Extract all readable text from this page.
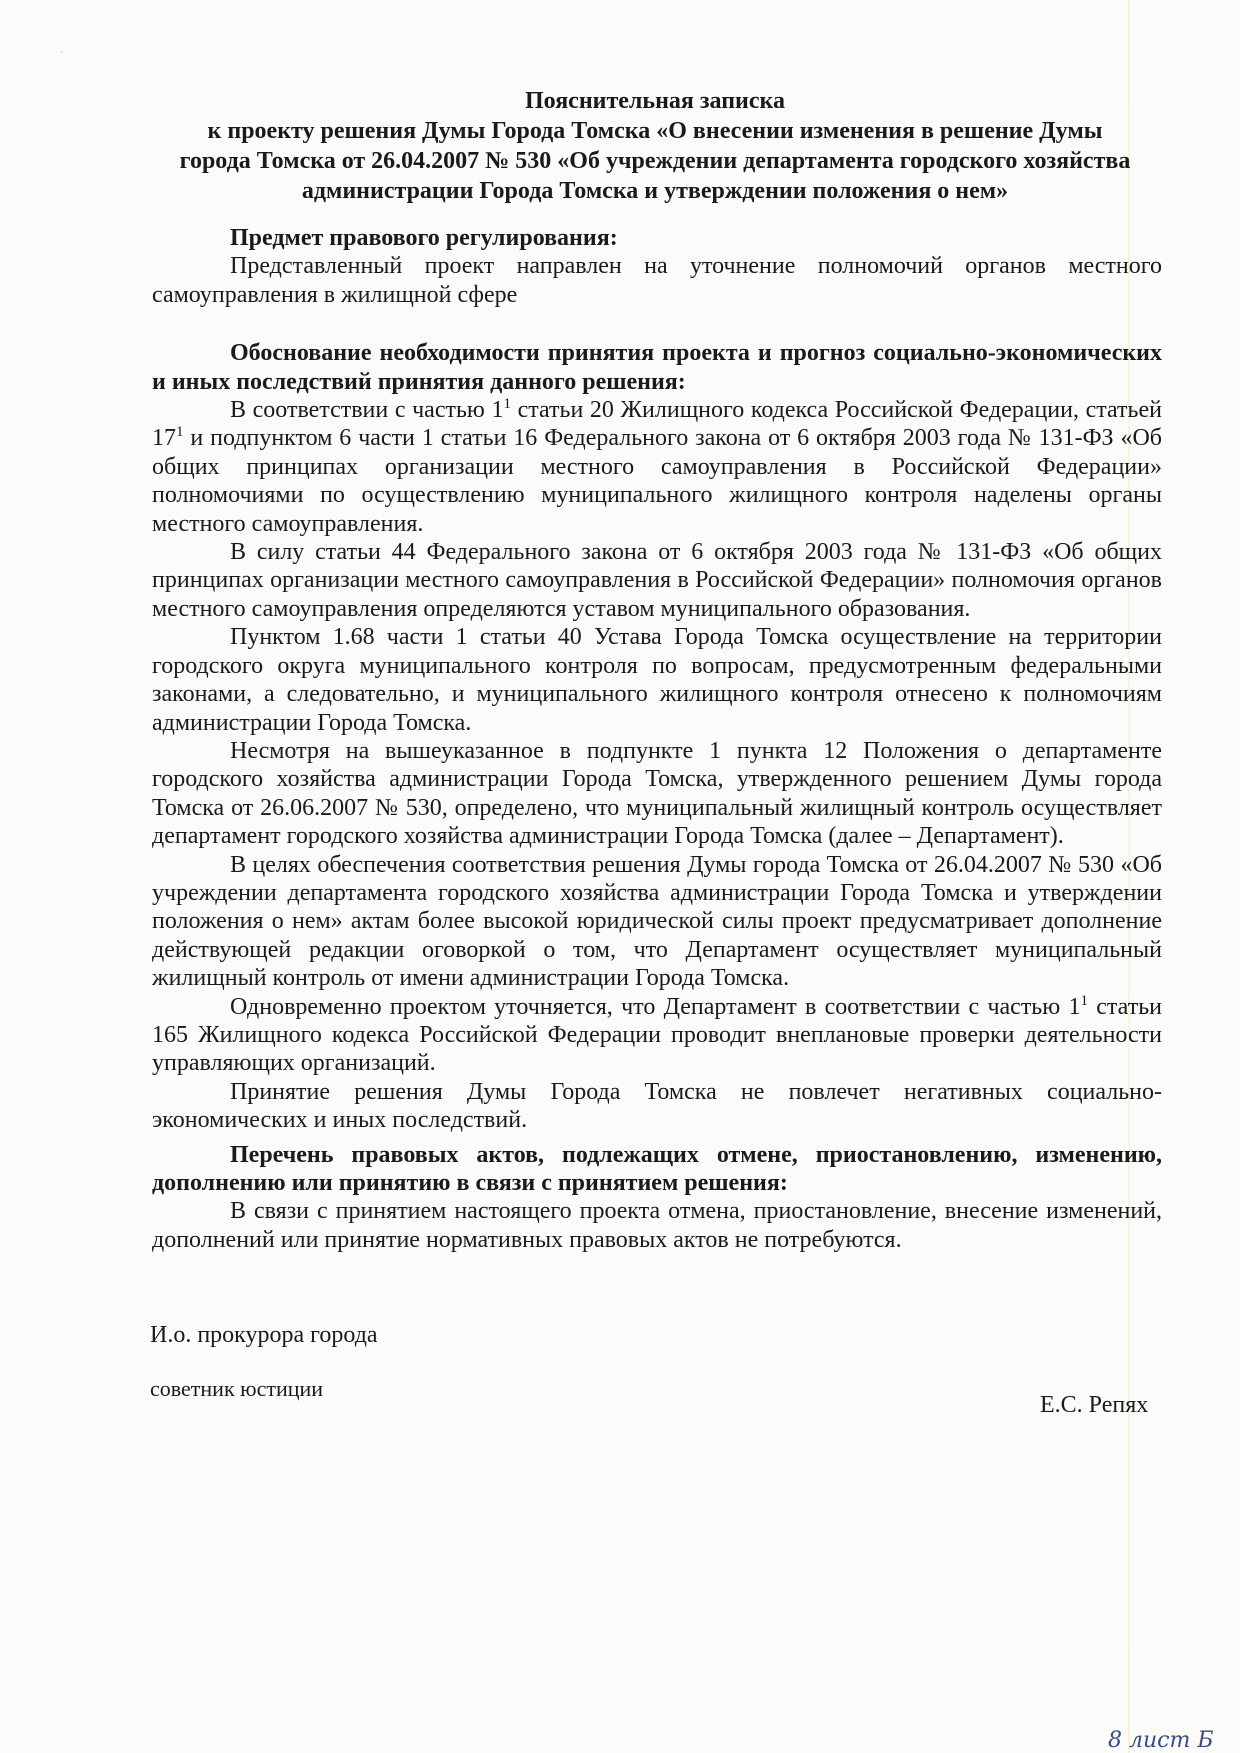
·
Пояснительная записка
к проекту решения Думы Города Томска «О внесении изменения в решение Думы
города Томска от 26.04.2007 № 530 «Об учреждении департамента городского хозяйства
администрации Города Томска и утверждении положения о нем»

Предмет правового регулирования:

Представленный проект направлен на уточнение полномочий органов местного самоуправления в жилищной сфере

Обоснование необходимости принятия проекта и прогноз социально-экономических и иных последствий принятия данного решения:

В соответствии с частью $1^1$ статьи 20 Жилищного кодекса Российской Федерации, статьей $17^1$ и подпунктом 6 части 1 статьи 16 Федерального закона от 6 октября 2003 года № 131-ФЗ «Об общих принципах организации местного самоуправления в Российской Федерации» полномочиями по осуществлению муниципального жилищного контроля наделены органы местного самоуправления.

В силу статьи 44 Федерального закона от 6 октября 2003 года № 131-ФЗ «Об общих принципах организации местного самоуправления в Российской Федерации» полномочия органов местного самоуправления определяются уставом муниципального образования.

Пунктом 1.68 части 1 статьи 40 Устава Города Томска осуществление на территории городского округа муниципального контроля по вопросам, предусмотренным федеральными законами, а следовательно, и муниципального жилищного контроля отнесено к полномочиям администрации Города Томска.

Несмотря на вышеуказанное в подпункте 1 пункта 12 Положения о департаменте городского хозяйства администрации Города Томска, утвержденного решением Думы города Томска от 26.06.2007 № 530, определено, что муниципальный жилищный контроль осуществляет департамент городского хозяйства администрации Города Томска (далее – Департамент).

В целях обеспечения соответствия решения Думы города Томска от 26.04.2007 № 530 «Об учреждении департамента городского хозяйства администрации Города Томска и утверждении положения о нем» актам более высокой юридической силы проект предусматривает дополнение действующей редакции оговоркой о том, что Департамент осуществляет муниципальный жилищный контроль от имени администрации Города Томска.

Одновременно проектом уточняется, что Департамент в соответствии с частью $1^1$ статьи 165 Жилищного кодекса Российской Федерации проводит внеплановые проверки деятельности управляющих организаций.

Принятие решения Думы Города Томска не повлечет негативных социально-экономических и иных последствий.

Перечень правовых актов, подлежащих отмене, приостановлению, изменению, дополнению или принятию в связи с принятием решения:

В связи с принятием настоящего проекта отмена, приостановление, внесение изменений, дополнений или принятие нормативных правовых актов не потребуются.

И.о. прокурора города
советник юстиции
Е.С. Репях
8 лист Б
